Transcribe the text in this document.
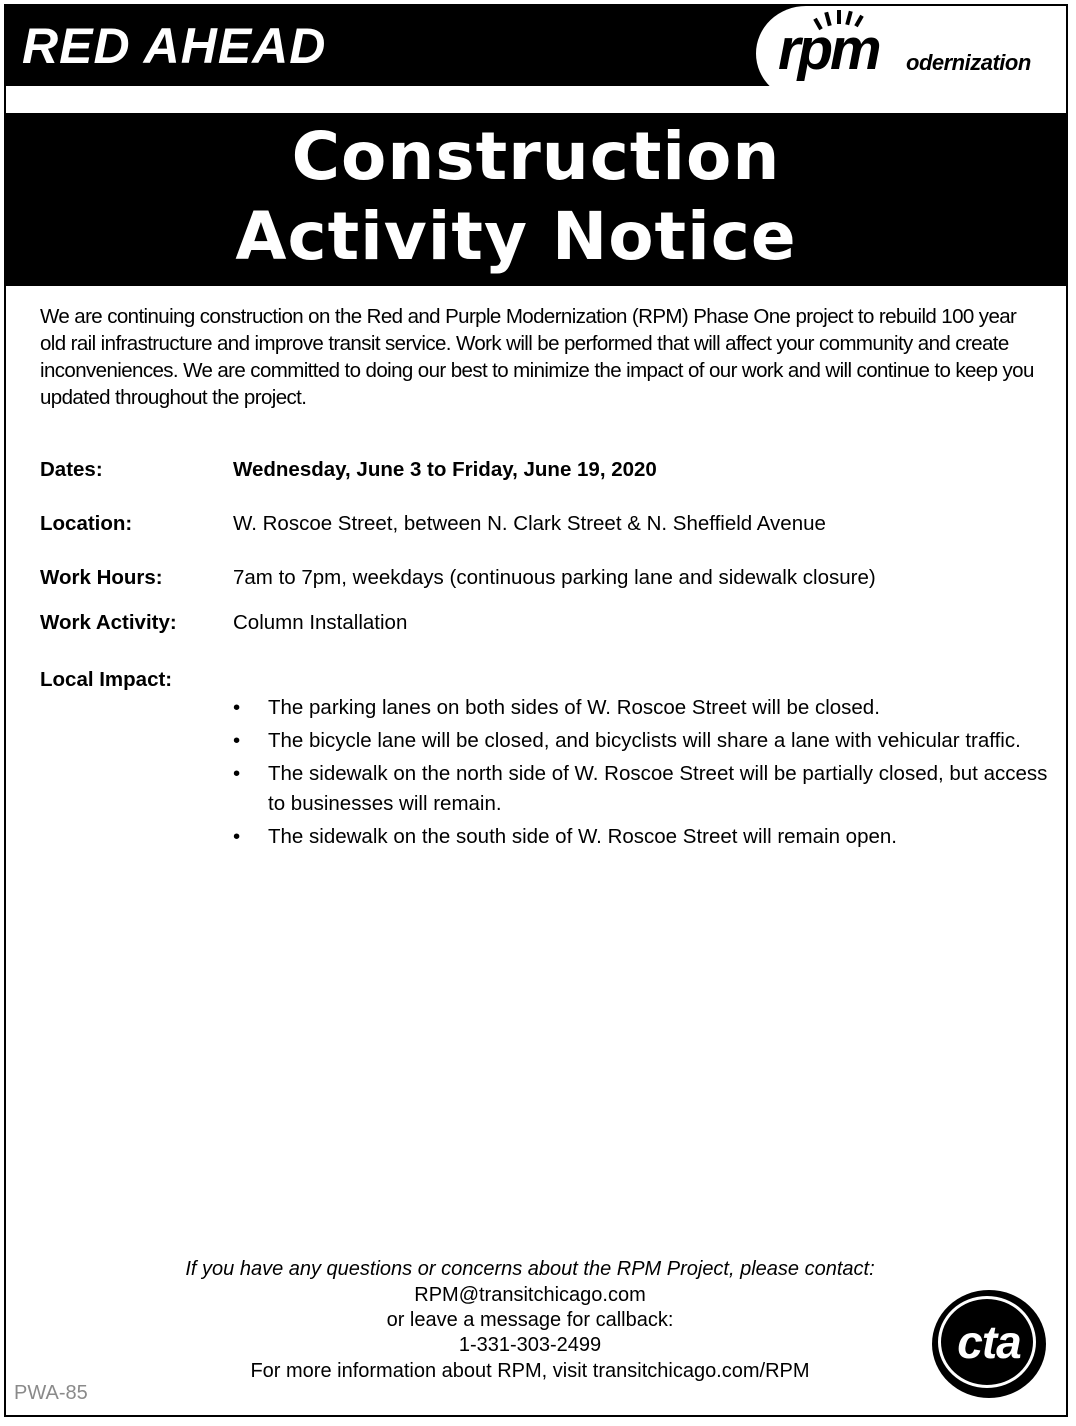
RED AHEAD	rpm odernization
Construction
Activity Notice
We are continuing construction on the Red and Purple Modernization (RPM) Phase One project to rebuild 100 year old rail infrastructure and improve transit service. Work will be performed that will affect your community and create inconveniences. We are committed to doing our best to minimize the impact of our work and will continue to keep you updated throughout the project.
Dates:	Wednesday, June 3 to Friday, June 19, 2020
Location:	W. Roscoe Street, between N. Clark Street & N. Sheffield Avenue
Work Hours:	7am to 7pm, weekdays (continuous parking lane and sidewalk closure)
Work Activity:	Column Installation
Local Impact:
• The parking lanes on both sides of W. Roscoe Street will be closed.
• The bicycle lane will be closed, and bicyclists will share a lane with vehicular traffic.
• The sidewalk on the north side of W. Roscoe Street will be partially closed, but access to businesses will remain.
• The sidewalk on the south side of W. Roscoe Street will remain open.
If you have any questions or concerns about the RPM Project, please contact:
RPM@transitchicago.com
or leave a message for callback:
1-331-303-2499
For more information about RPM, visit transitchicago.com/RPM
cta
PWA-85
